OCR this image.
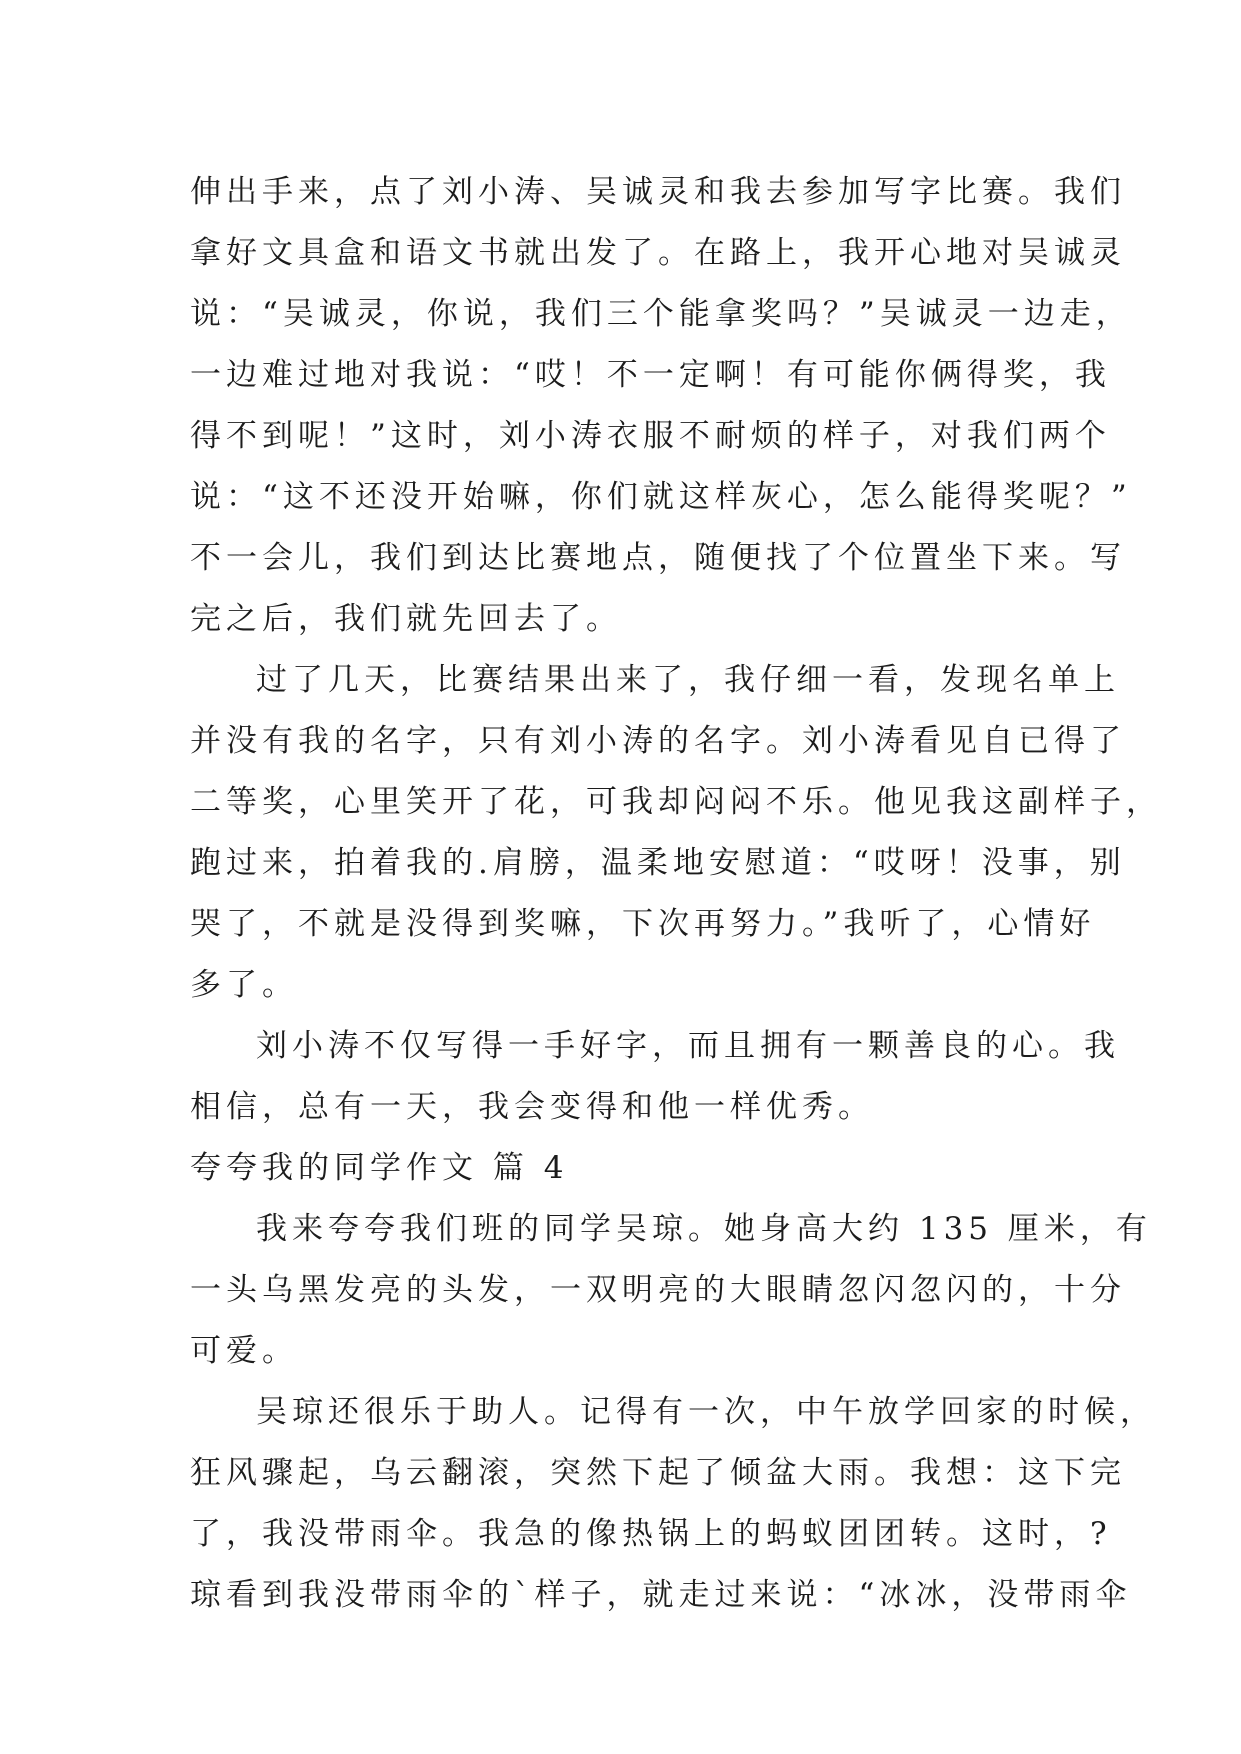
伸出手来，点了刘小涛、吴诚灵和我去参加写字比赛。我们
拿好文具盒和语文书就出发了。在路上，我开心地对吴诚灵
说：“吴诚灵，你说，我们三个能拿奖吗？”吴诚灵一边走，
一边难过地对我说：“哎！不一定啊！有可能你俩得奖，我
得不到呢！”这时，刘小涛衣服不耐烦的样子，对我们两个
说：“这不还没开始嘛，你们就这样灰心，怎么能得奖呢？”
不一会儿，我们到达比赛地点，随便找了个位置坐下来。写
完之后，我们就先回去了。
过了几天，比赛结果出来了，我仔细一看，发现名单上
并没有我的名字，只有刘小涛的名字。刘小涛看见自已得了
二等奖，心里笑开了花，可我却闷闷不乐。他见我这副样子，
跑过来，拍着我的.肩膀，温柔地安慰道：“哎呀！没事，别
哭了，不就是没得到奖嘛，下次再努力。”我听了，心情好
多了。
刘小涛不仅写得一手好字，而且拥有一颗善良的心。我
相信，总有一天，我会变得和他一样优秀。
夸夸我的同学作文 篇 4
我来夸夸我们班的同学吴琼。她身高大约 135 厘米，有
一头乌黑发亮的头发，一双明亮的大眼睛忽闪忽闪的，十分
可爱。
吴琼还很乐于助人。记得有一次，中午放学回家的时候，
狂风骤起，乌云翻滚，突然下起了倾盆大雨。我想：这下完
了，我没带雨伞。我急的像热锅上的蚂蚁团团转。这时，?
琼看到我没带雨伞的`样子，就走过来说：“冰冰，没带雨伞
